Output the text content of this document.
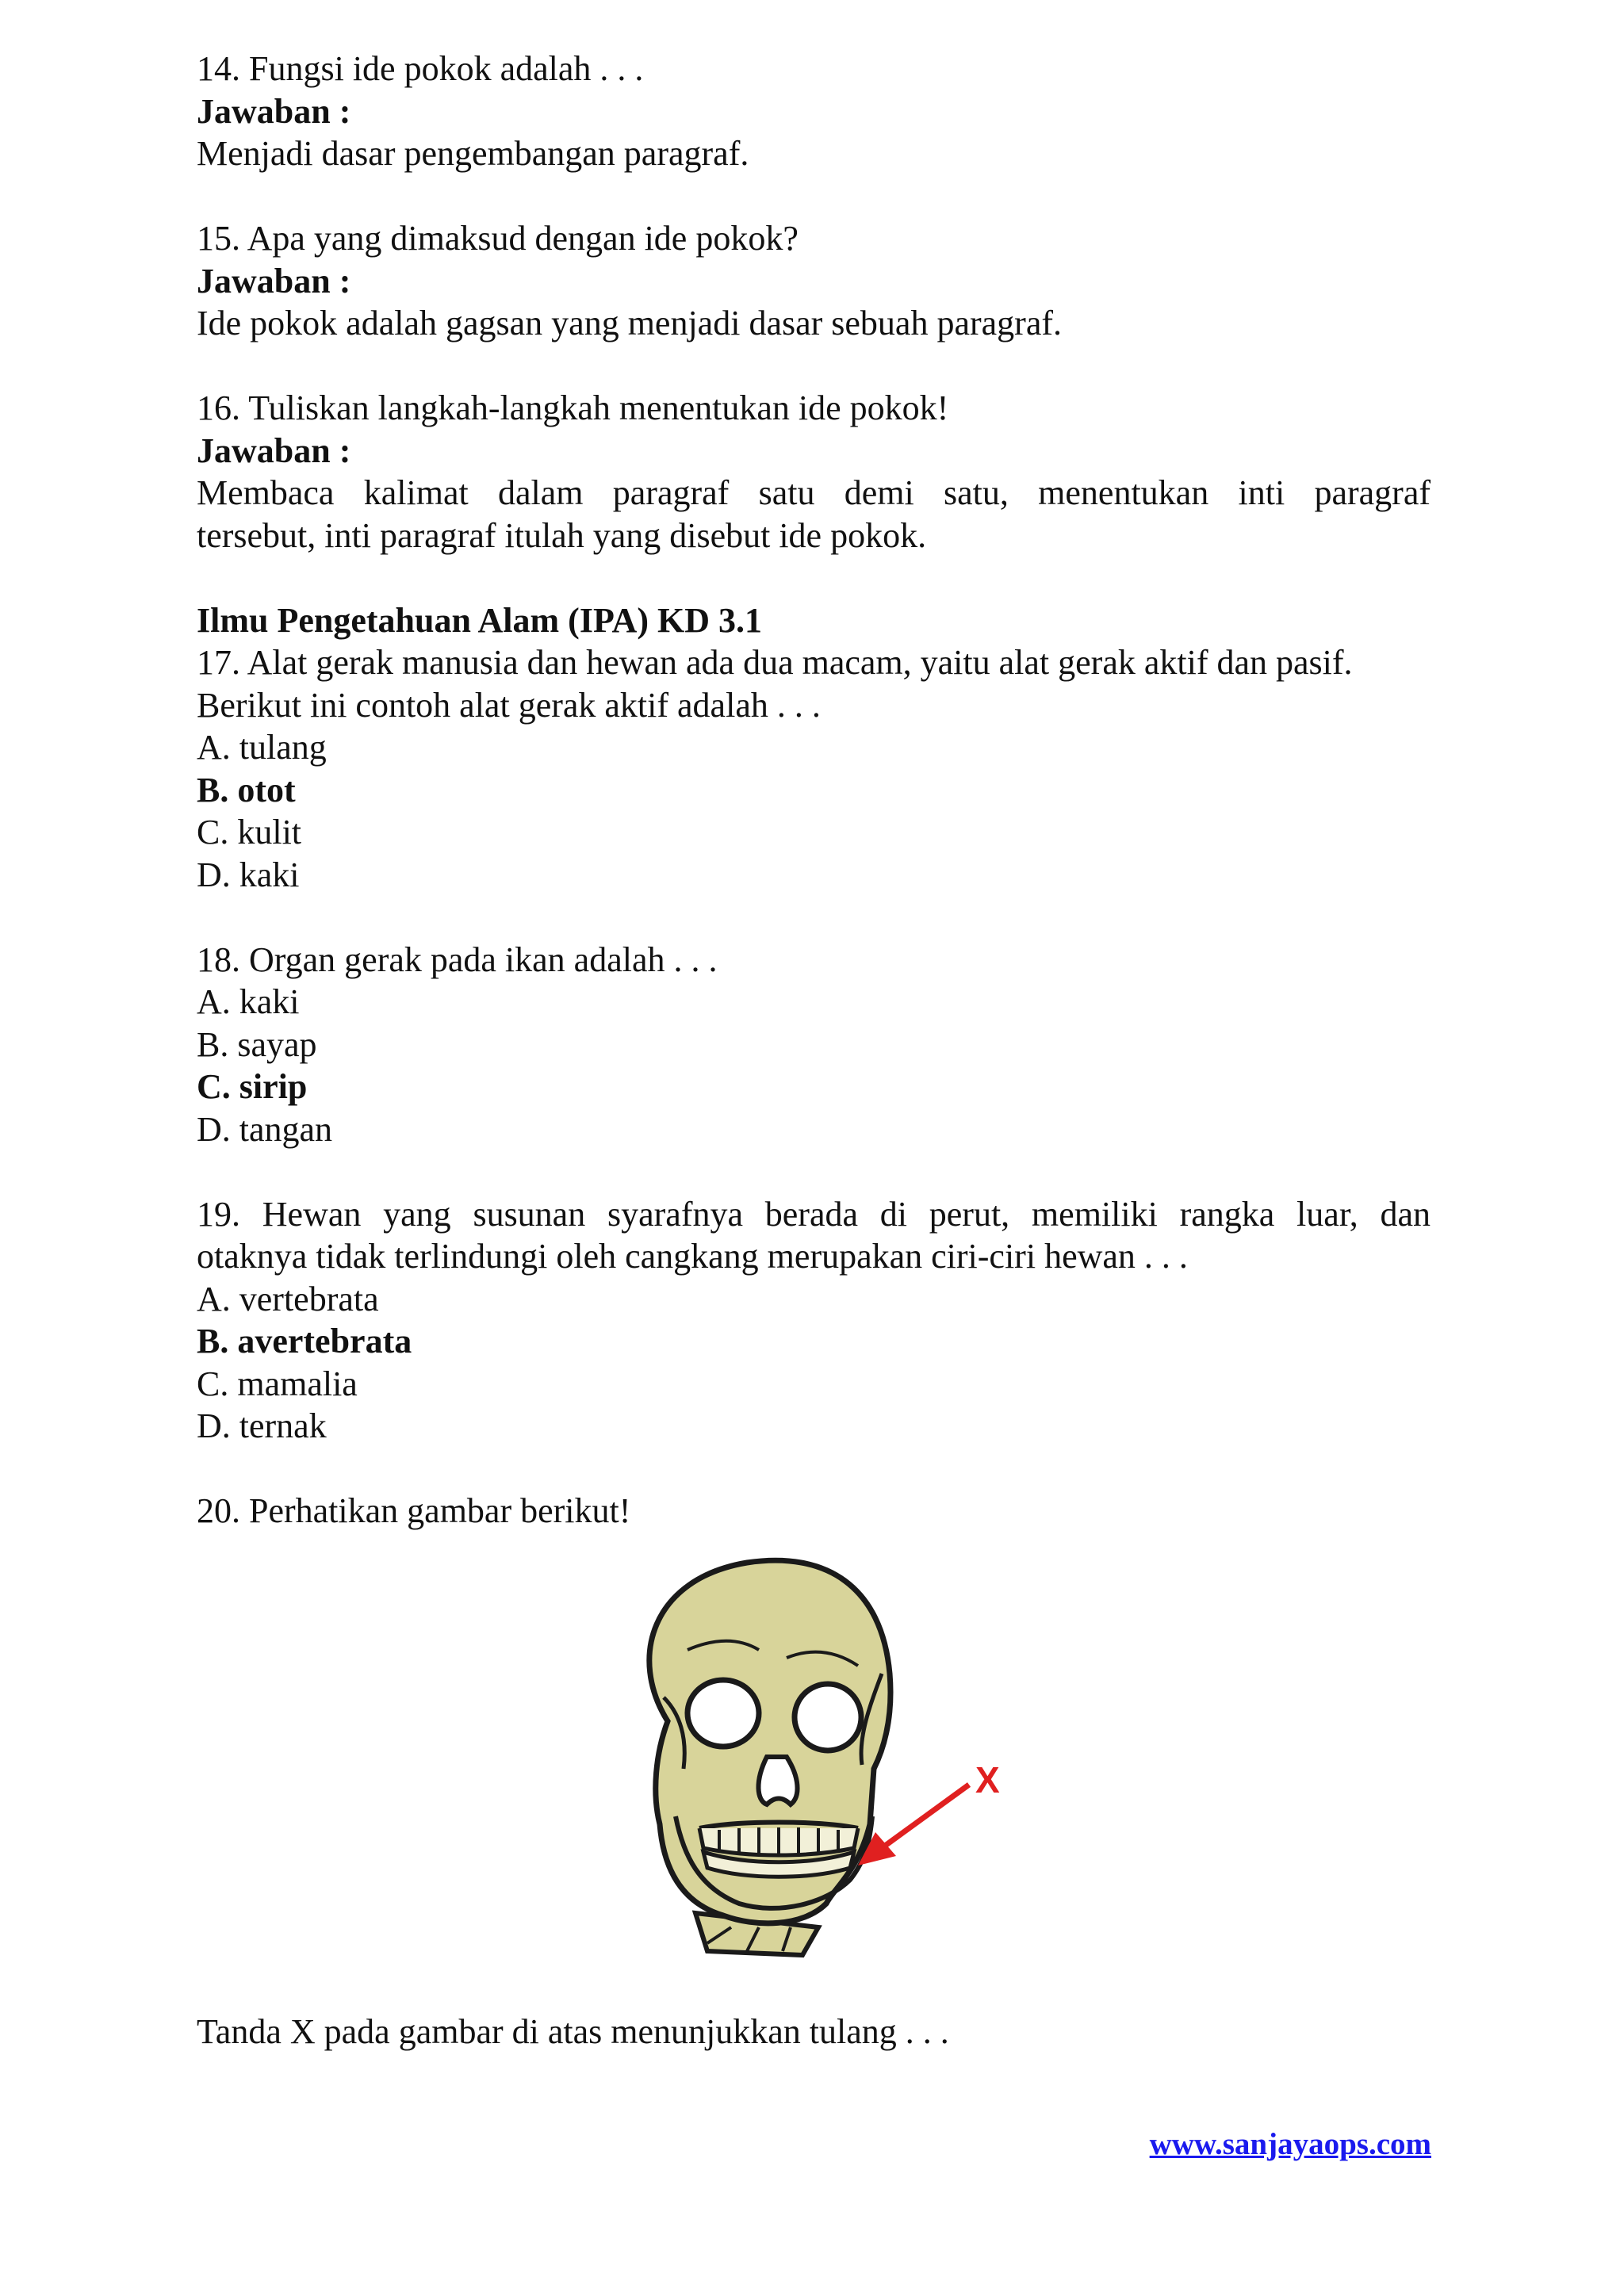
14. Fungsi ide pokok adalah . . .

Jawaban :

Menjadi dasar pengembangan paragraf.

15. Apa yang dimaksud dengan ide pokok?

Jawaban :

Ide pokok adalah gagsan yang menjadi dasar sebuah paragraf.

16. Tuliskan langkah-langkah menentukan ide pokok!

Jawaban :

Membaca kalimat dalam paragraf satu demi satu, menentukan inti paragraf

tersebut, inti paragraf itulah yang disebut ide pokok.

Ilmu Pengetahuan Alam (IPA) KD 3.1

17. Alat gerak manusia dan hewan ada dua macam, yaitu alat gerak aktif dan pasif.

Berikut ini contoh alat gerak aktif adalah . . .

A. tulang

B. otot

C. kulit

D. kaki

18. Organ gerak pada ikan adalah . . .

A. kaki

B. sayap

C. sirip

D. tangan

19. Hewan yang susunan syarafnya berada di perut, memiliki rangka luar, dan

otaknya tidak terlindungi oleh cangkang merupakan ciri-ciri hewan . . .

A. vertebrata

B. avertebrata

C. mamalia

D. ternak

20. Perhatikan gambar berikut!

X

Tanda X pada gambar di atas menunjukkan tulang . . .

www.sanjayaops.com
